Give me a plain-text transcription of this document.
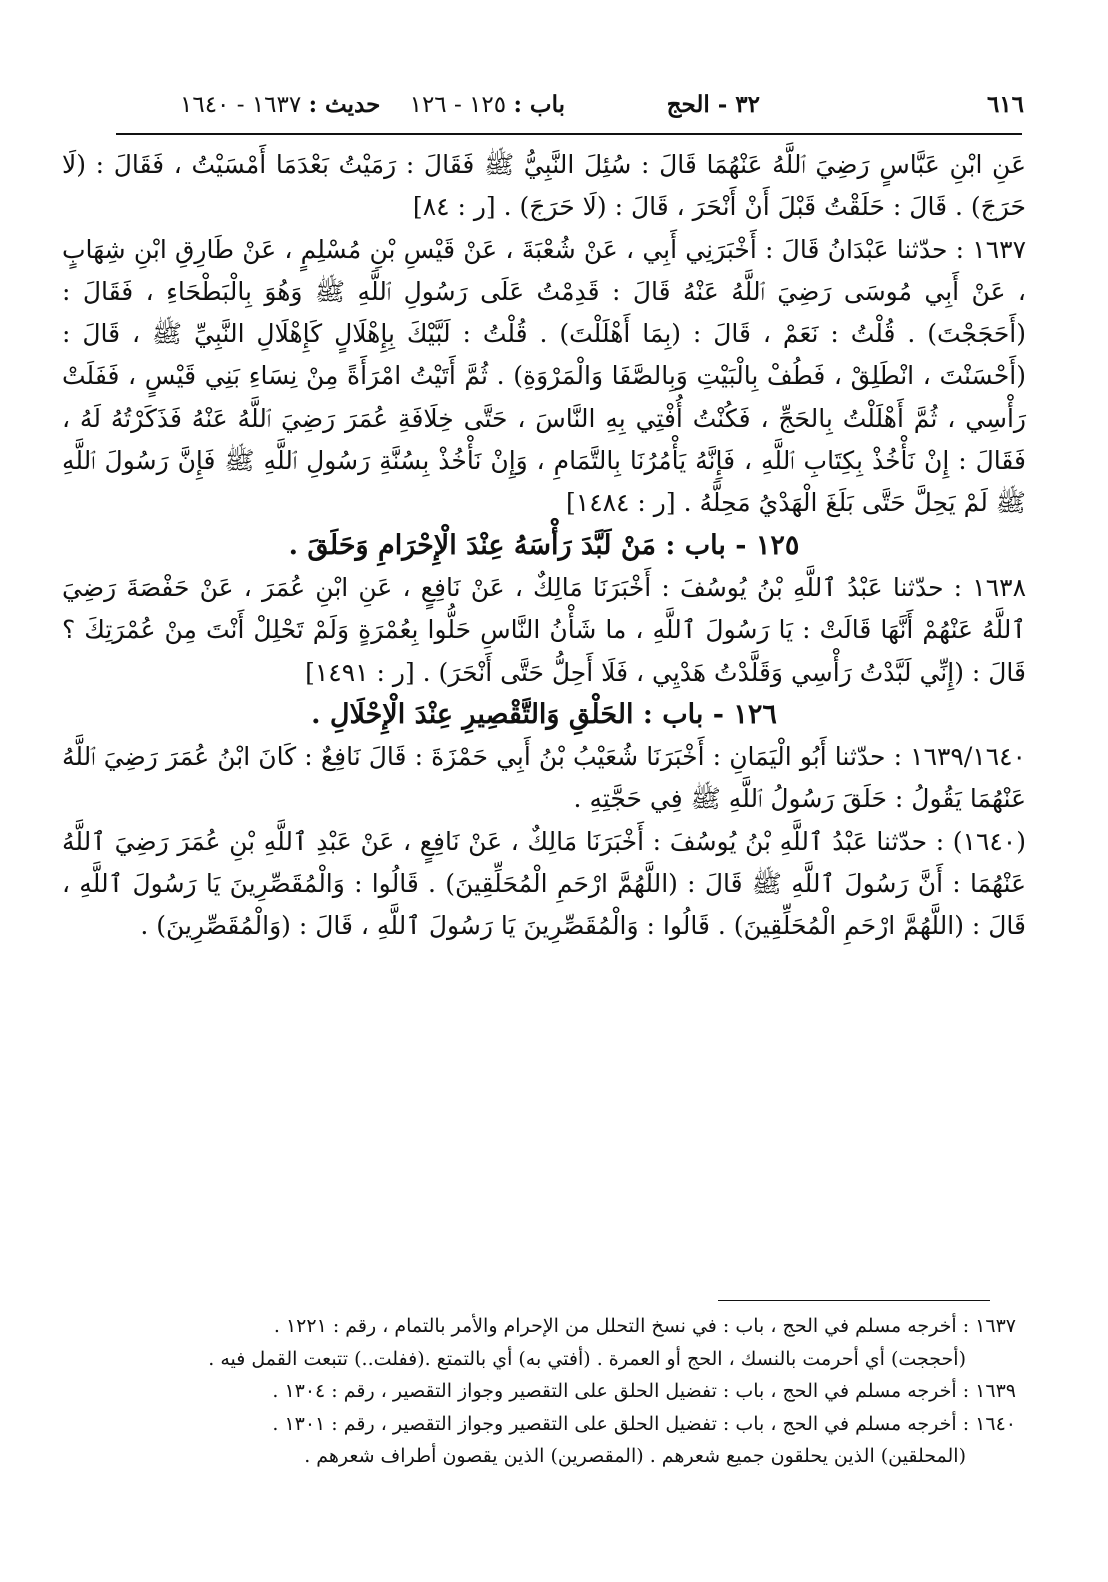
٦١٦
٣٢ - الحج
باب : ١٢٥ - ١٢٦    حديث : ١٦٣٧ - ١٦٤٠

عَنِ ابْنِ عَبَّاسٍ رَضِيَ ٱللَّهُ عَنْهُمَا قَالَ : سُئِلَ النَّبِيُّ ﷺ فَقَالَ : رَمَيْتُ بَعْدَمَا أَمْسَيْتُ ، فَقَالَ : (لَا حَرَجَ) . قَالَ : حَلَقْتُ قَبْلَ أَنْ أَنْحَرَ ، قَالَ : (لَا حَرَجَ) . [ر : ٨٤]

١٦٣٧ : حدّثنا عَبْدَانُ قَالَ : أَخْبَرَنِي أَبِي ، عَنْ شُعْبَةَ ، عَنْ قَيْسِ بْنِ مُسْلِمٍ ، عَنْ طَارِقِ ابْنِ شِهَابٍ ، عَنْ أَبِي مُوسَى رَضِيَ ٱللَّهُ عَنْهُ قَالَ : قَدِمْتُ عَلَى رَسُولِ ٱللَّهِ ﷺ وَهُوَ بِالْبَطْحَاءِ ، فَقَالَ : (أَحَجَجْتَ) . قُلْتُ : نَعَمْ ، قَالَ : (بِمَا أَهْلَلْتَ) . قُلْتُ : لَبَّيْكَ بِإِهْلَالٍ كَإِهْلَالِ النَّبِيِّ ﷺ ، قَالَ : (أَحْسَنْتَ ، انْطَلِقْ ، فَطُفْ بِالْبَيْتِ وَبِالصَّفَا وَالْمَرْوَةِ) . ثُمَّ أَتَيْتُ امْرَأَةً مِنْ نِسَاءِ بَنِي قَيْسٍ ، فَفَلَتْ رَأْسِي ، ثُمَّ أَهْلَلْتُ بِالحَجِّ ، فَكُنْتُ أُفْتِي بِهِ النَّاسَ ، حَتَّى خِلَافَةِ عُمَرَ رَضِيَ ٱللَّهُ عَنْهُ فَذَكَرْتُهُ لَهُ ، فَقَالَ : إِنْ نَأْخُذْ بِكِتَابِ ٱللَّهِ ، فَإِنَّهُ يَأْمُرُنَا بِالتَّمَامِ ، وَإِنْ نَأْخُذْ بِسُنَّةِ رَسُولِ ٱللَّهِ ﷺ فَإِنَّ رَسُولَ ٱللَّهِ ﷺ لَمْ يَحِلَّ حَتَّى بَلَغَ الْهَدْيُ مَحِلَّهُ . [ر : ١٤٨٤]

١٢٥ - باب : مَنْ لَبَّدَ رَأْسَهُ عِنْدَ الْإِحْرَامِ وَحَلَقَ .

١٦٣٨ : حدّثنا عَبْدُ ٱللَّهِ بْنُ يُوسُفَ : أَخْبَرَنَا مَالِكٌ ، عَنْ نَافِعٍ ، عَنِ ابْنِ عُمَرَ ، عَنْ حَفْصَةَ رَضِيَ ٱللَّهُ عَنْهُمْ أَنَّهَا قَالَتْ : يَا رَسُولَ ٱللَّهِ ، ما شَأْنُ النَّاسِ حَلُّوا بِعُمْرَةٍ وَلَمْ تَحْلِلْ أَنْتَ مِنْ عُمْرَتِكَ ؟ قَالَ : (إِنِّي لَبَّدْتُ رَأْسِي وَقَلَّدْتُ هَدْيِي ، فَلَا أَحِلُّ حَتَّى أَنْحَرَ) . [ر : ١٤٩١]

١٢٦ - باب : الحَلْقِ وَالتَّقْصِيرِ عِنْدَ الْإِحْلَالِ .

١٦٣٩/١٦٤٠ : حدّثنا أَبُو الْيَمَانِ : أَخْبَرَنَا شُعَيْبُ بْنُ أَبِي حَمْزَةَ : قَالَ نَافِعٌ : كَانَ ابْنُ عُمَرَ رَضِيَ ٱللَّهُ عَنْهُمَا يَقُولُ : حَلَقَ رَسُولُ ٱللَّهِ ﷺ فِي حَجَّتِهِ .

(١٦٤٠) : حدّثنا عَبْدُ ٱللَّهِ بْنُ يُوسُفَ : أَخْبَرَنَا مَالِكٌ ، عَنْ نَافِعٍ ، عَنْ عَبْدِ ٱللَّهِ بْنِ عُمَرَ رَضِيَ ٱللَّهُ عَنْهُمَا : أَنَّ رَسُولَ ٱللَّهِ ﷺ قَالَ : (اللَّهُمَّ ارْحَمِ الْمُحَلِّقِينَ) . قَالُوا : وَالْمُقَصِّرِينَ يَا رَسُولَ ٱللَّهِ ، قَالَ : (اللَّهُمَّ ارْحَمِ الْمُحَلِّقِينَ) . قَالُوا : وَالْمُقَصِّرِينَ يَا رَسُولَ ٱللَّهِ ، قَالَ : (وَالْمُقَصِّرِينَ) .

١٦٣٧ : أخرجه مسلم في الحج ، باب : في نسخ التحلل من الإحرام والأمر بالتمام ، رقم : ١٢٢١ .

(أحججت) أي أحرمت بالنسك ، الحج أو العمرة . (أفتي به) أي بالتمتع .(ففلت..) تتبعت القمل فيه .

١٦٣٩ : أخرجه مسلم في الحج ، باب : تفضيل الحلق على التقصير وجواز التقصير ، رقم : ١٣٠٤ .

١٦٤٠ : أخرجه مسلم في الحج ، باب : تفضيل الحلق على التقصير وجواز التقصير ، رقم : ١٣٠١ .

(المحلقين) الذين يحلقون جميع شعرهم . (المقصرين) الذين يقصون أطراف شعرهم .
